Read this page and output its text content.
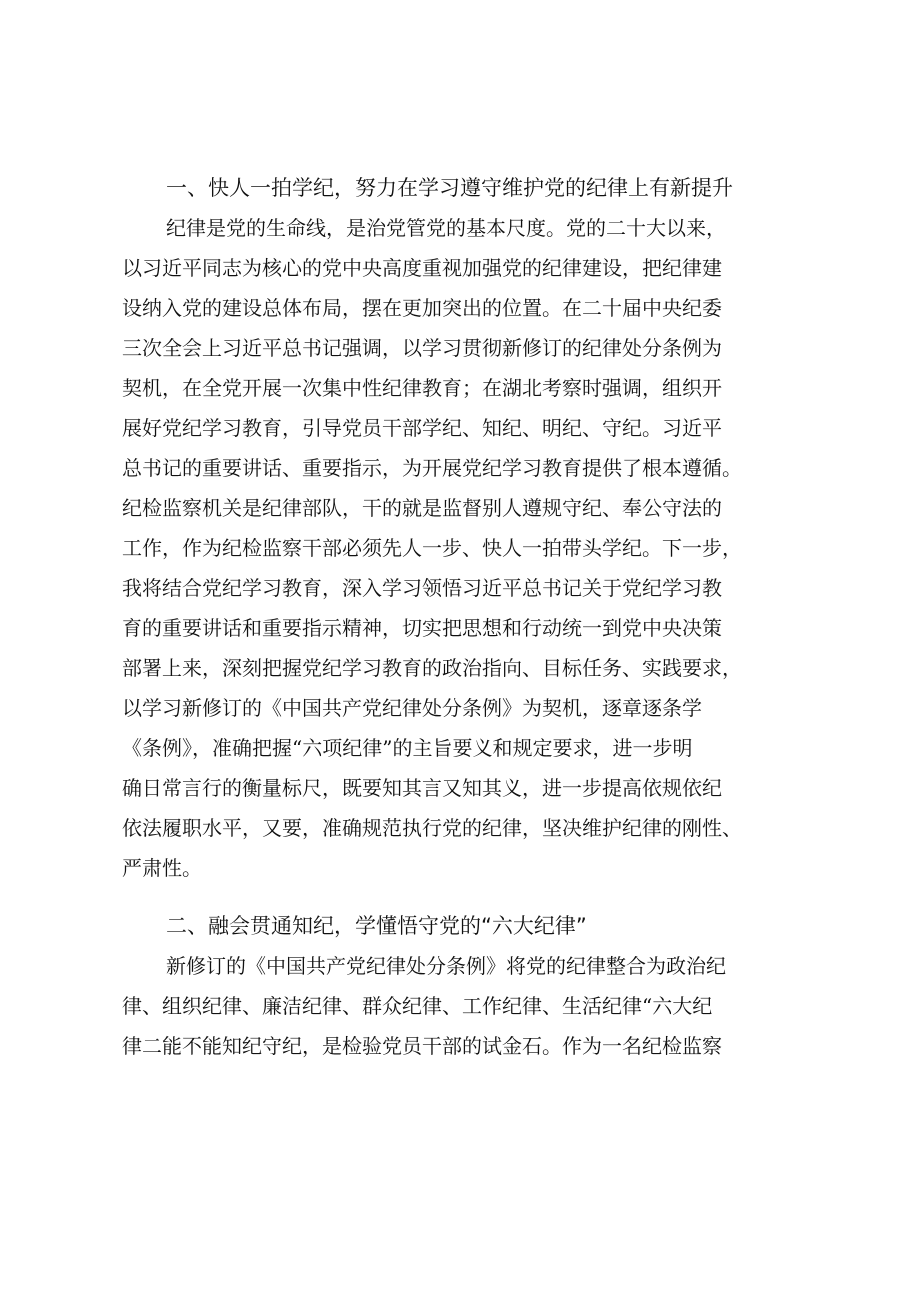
一、快人一拍学纪，努力在学习遵守维护党的纪律上有新提升
纪律是党的生命线，是治党管党的基本尺度。党的二十大以来，
以习近平同志为核心的党中央高度重视加强党的纪律建设，把纪律建
设纳入党的建设总体布局，摆在更加突出的位置。在二十届中央纪委
三次全会上习近平总书记强调，以学习贯彻新修订的纪律处分条例为
契机，在全党开展一次集中性纪律教育；在湖北考察时强调，组织开
展好党纪学习教育，引导党员干部学纪、知纪、明纪、守纪。习近平
总书记的重要讲话、重要指示，为开展党纪学习教育提供了根本遵循。
纪检监察机关是纪律部队，干的就是监督别人遵规守纪、奉公守法的
工作，作为纪检监察干部必须先人一步、快人一拍带头学纪。下一步，
我将结合党纪学习教育，深入学习领悟习近平总书记关于党纪学习教
育的重要讲话和重要指示精神，切实把思想和行动统一到党中央决策
部署上来，深刻把握党纪学习教育的政治指向、目标任务、实践要求，
以学习新修订的《中国共产党纪律处分条例》为契机，逐章逐条学
《条例》，准确把握“六项纪律”的主旨要义和规定要求，进一步明
确日常言行的衡量标尺，既要知其言又知其义，进一步提高依规依纪
依法履职水平，又要，准确规范执行党的纪律，坚决维护纪律的刚性、
严肃性。
二、融会贯通知纪，学懂悟守党的“六大纪律”
新修订的《中国共产党纪律处分条例》将党的纪律整合为政治纪
律、组织纪律、廉洁纪律、群众纪律、工作纪律、生活纪律“六大纪
律二能不能知纪守纪，是检验党员干部的试金石。作为一名纪检监察
